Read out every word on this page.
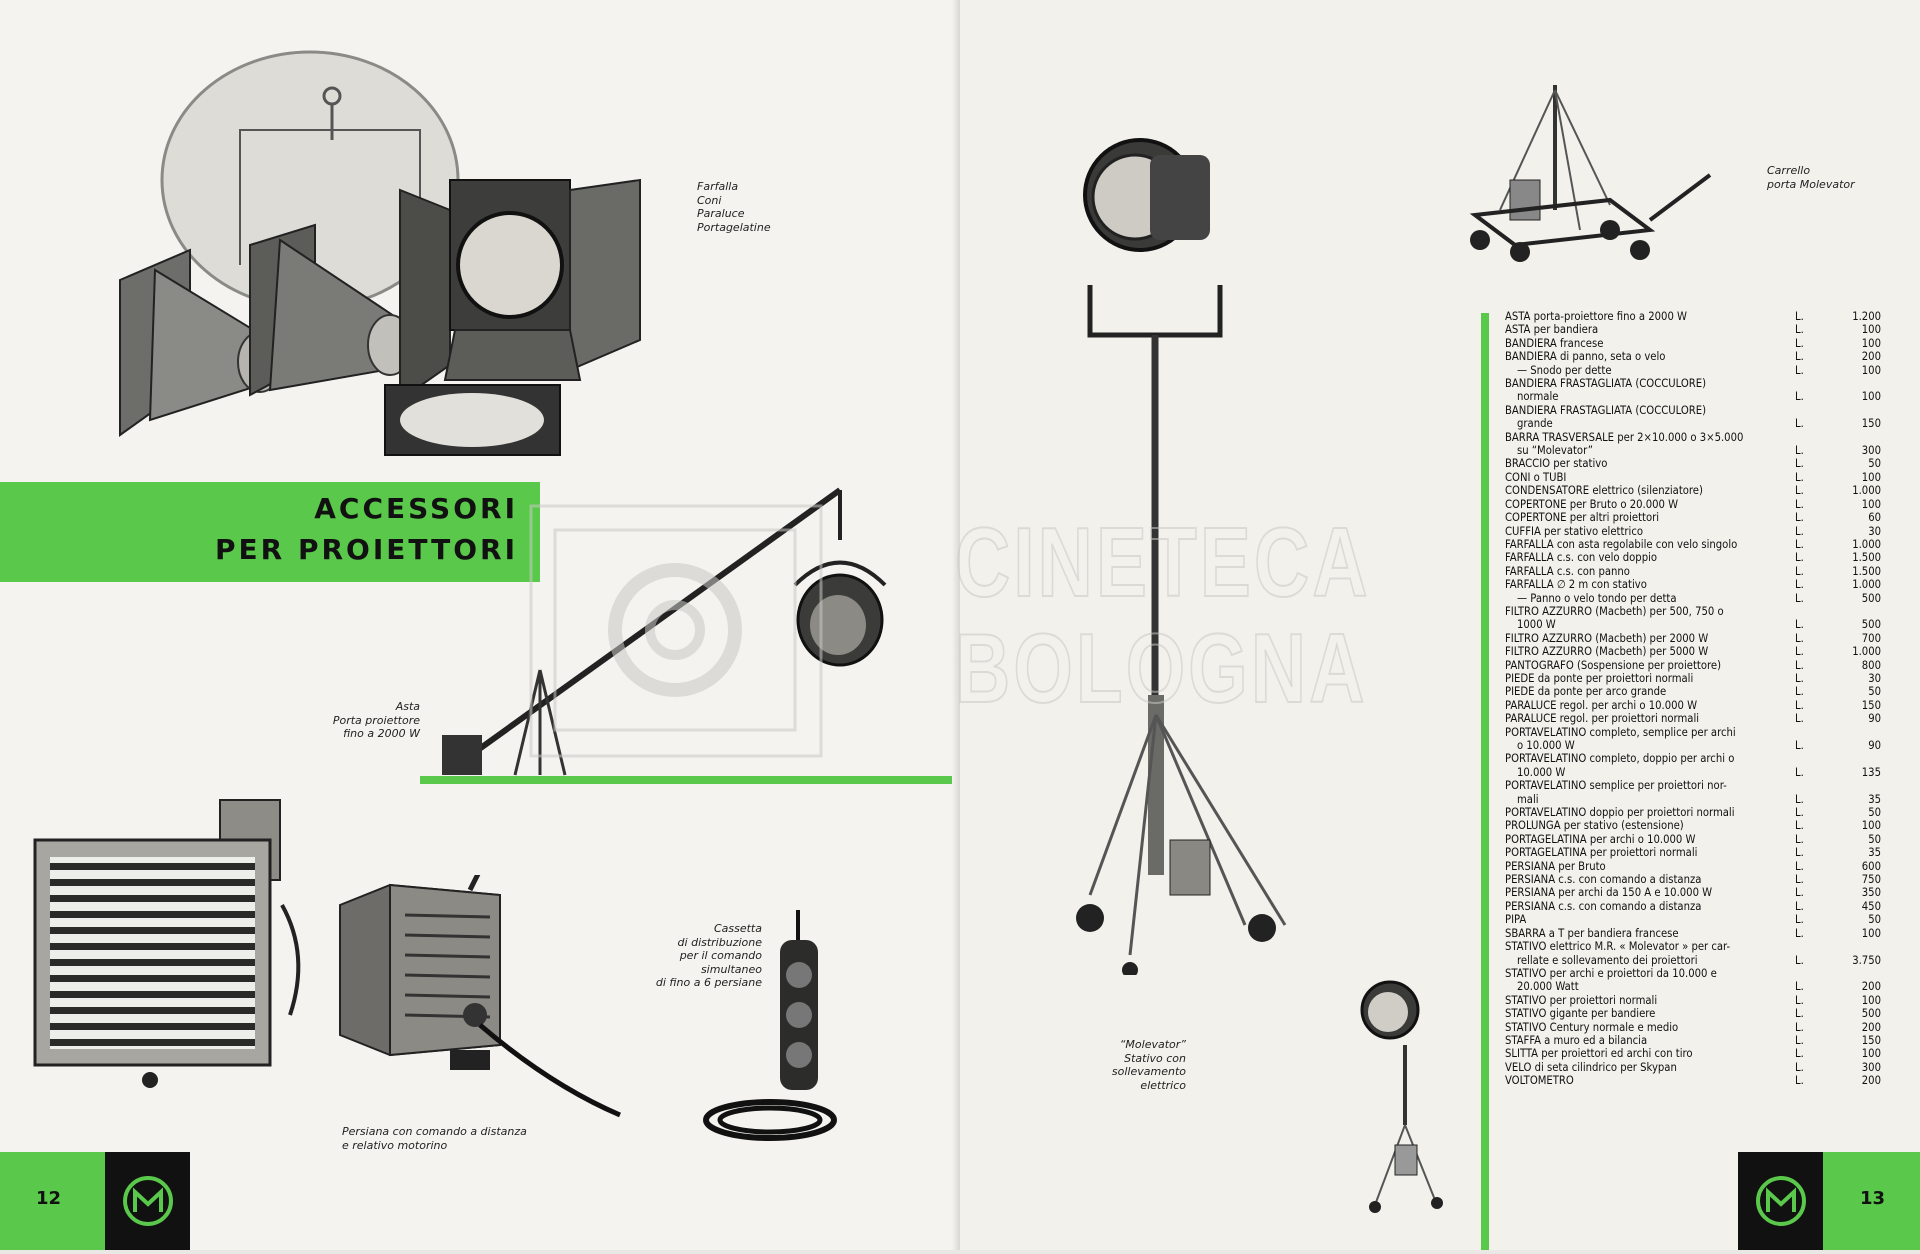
Farfalla
Coni
Paraluce
Portagelatine
ACCESSORI
PER PROIETTORI
Asta
Porta proiettore
fino a 2000 W
Cassetta
di distribuzione
per il comando
simultaneo
di fino a 6 persiane
Persiana con comando a distanza
e relativo motorino
12
Carrello
porta Molevator
“Molevator”
Stativo con sollevamento
elettrico
ASTA porta-proiettore fino a 2000 W	L.	1.200
ASTA per bandiera	L.	100
BANDIERA francese	L.	100
BANDIERA di panno, seta o velo	L.	200
— Snodo per dette	L.	100
BANDIERA FRASTAGLIATA (COCCULORE)
normale	L.	100
BANDIERA FRASTAGLIATA (COCCULORE)
grande	L.	150
BARRA TRASVERSALE per 2×10.000 o 3×5.000
su “Molevator”	L.	300
BRACCIO per stativo	L.	50
CONI o TUBI	L.	100
CONDENSATORE elettrico (silenziatore)	L.	1.000
COPERTONE per Bruto o 20.000 W	L.	100
COPERTONE per altri proiettori	L.	60
CUFFIA per stativo elettrico	L.	30
FARFALLA con asta regolabile con velo singolo	L.	1.000
FARFALLA c.s. con velo doppio	L.	1.500
FARFALLA c.s. con panno	L.	1.500
FARFALLA ∅ 2 m con stativo	L.	1.000
— Panno o velo tondo per detta	L.	500
FILTRO AZZURRO (Macbeth) per 500, 750 o
1000 W	L.	500
FILTRO AZZURRO (Macbeth) per 2000 W	L.	700
FILTRO AZZURRO (Macbeth) per 5000 W	L.	1.000
PANTOGRAFO (Sospensione per proiettore)	L.	800
PIEDE da ponte per proiettori normali	L.	30
PIEDE da ponte per arco grande	L.	50
PARALUCE regol. per archi o 10.000 W	L.	150
PARALUCE regol. per proiettori normali	L.	90
PORTAVELATINO completo, semplice per archi
o 10.000 W	L.	90
PORTAVELATINO completo, doppio per archi o
10.000 W	L.	135
PORTAVELATINO semplice per proiettori nor-
mali	L.	35
PORTAVELATINO doppio per proiettori normali	L.	50
PROLUNGA per stativo (estensione)	L.	100
PORTAGELATINA per archi o 10.000 W	L.	50
PORTAGELATINA per proiettori normali	L.	35
PERSIANA per Bruto	L.	600
PERSIANA c.s. con comando a distanza	L.	750
PERSIANA per archi da 150 A e 10.000 W	L.	350
PERSIANA c.s. con comando a distanza	L.	450
PIPA	L.	50
SBARRA a T per bandiera francese	L.	100
STATIVO elettrico M.R. « Molevator » per car-
rellate e sollevamento dei proiettori	L.	3.750
STATIVO per archi e proiettori da 10.000 e
20.000 Watt	L.	200
STATIVO per proiettori normali	L.	100
STATIVO gigante per bandiere	L.	500
STATIVO Century normale e medio	L.	200
STAFFA a muro ed a bilancia	L.	150
SLITTA per proiettori ed archi con tiro	L.	100
VELO di seta cilindrico per Skypan	L.	300
VOLTOMETRO	L.	200
13
CINETECA
BOLOGNA
